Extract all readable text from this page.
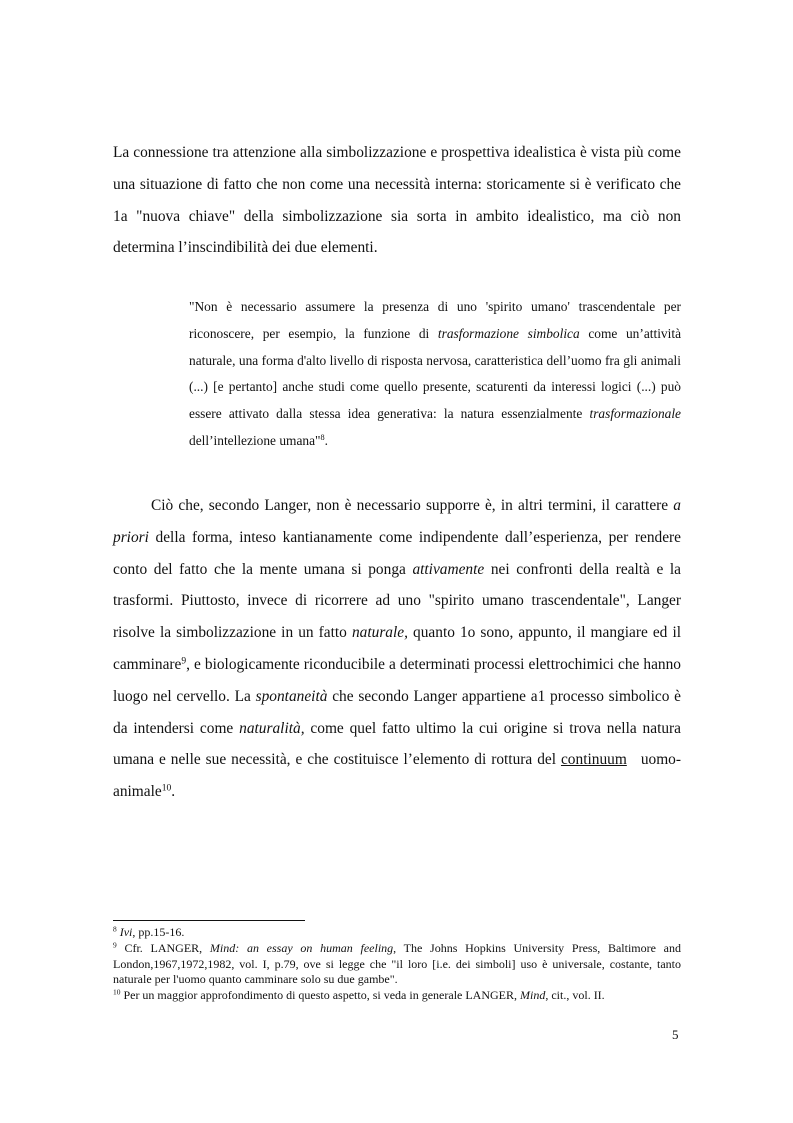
La connessione tra attenzione alla simbolizzazione e prospettiva idealistica è vista più come una situazione di fatto che non come una necessità interna: storicamente si è verificato che 1a "nuova chiave" della simbolizzazione sia sorta in ambito idealistico, ma ciò non determina l’inscindibilità dei due elementi.

"Non è necessario assumere la presenza di uno 'spirito umano' trascendentale per riconoscere, per esempio, la funzione di trasformazione simbolica come un’attività naturale, una forma d'alto livello di risposta nervosa, caratteristica dell’uomo fra gli animali (...) [e pertanto] anche studi come quello presente, scaturenti da interessi logici (...) può essere attivato dalla stessa idea generativa: la natura essenzialmente trasformazionale dell’intellezione umana"$^8$.

Ciò che, secondo Langer, non è necessario supporre è, in altri termini, il carattere a priori della forma, inteso kantianamente come indipendente dall’esperienza, per rendere conto del fatto che la mente umana si ponga attivamente nei confronti della realtà e la trasformi. Piuttosto, invece di ricorrere ad uno "spirito umano trascendentale", Langer risolve la simbolizzazione in un fatto naturale, quanto 1o sono, appunto, il mangiare ed il camminare$^9$, e biologicamente riconducibile a determinati processi elettrochimici che hanno luogo nel cervello. La spontaneità che secondo Langer appartiene a1 processo simbolico è da intendersi come naturalità, come quel fatto ultimo la cui origine si trova nella natura umana e nelle sue necessità, e che costituisce l’elemento di rottura del continuum uomo-animale$^{10}$.

$^8$ Ivi, pp.15-16.

$^9$ Cfr. LANGER, Mind: an essay on human feeling, The Johns Hopkins University Press, Baltimore and London,1967,1972,1982, vol. I, p.79, ove si legge che "il loro [i.e. dei simboli] uso è universale, costante, tanto naturale per l'uomo quanto camminare solo su due gambe".

$^{10}$ Per un maggior approfondimento di questo aspetto, si veda in generale LANGER, Mind, cit., vol. II.

5
